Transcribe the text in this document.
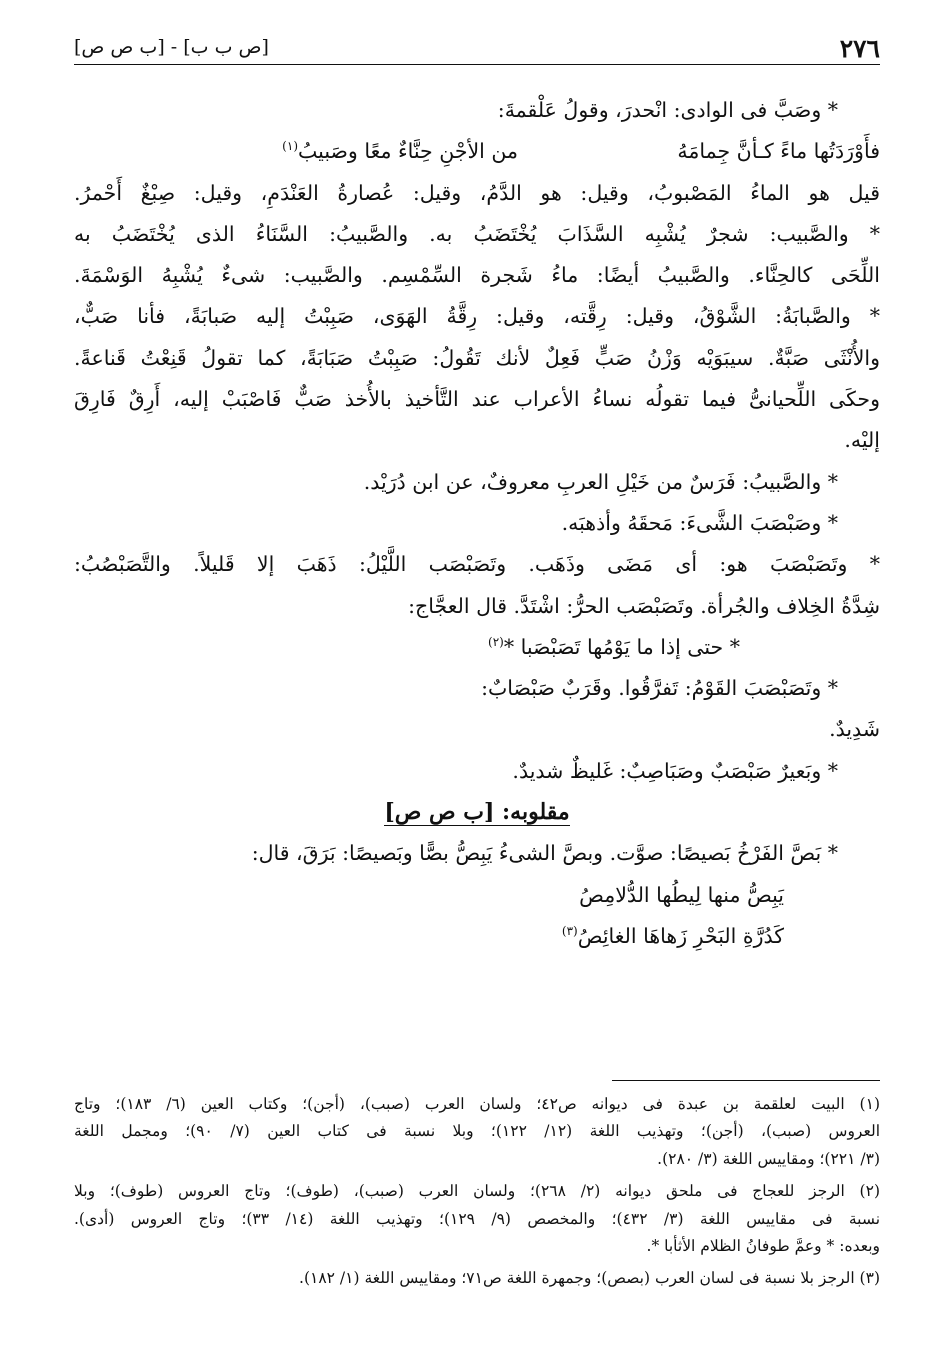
٢٧٦
[ص ب ب] - [ب ص ص]
* وصَبَّ فى الوادى: انْحدرَ، وقولُ عَلْقمةَ:
فأَوْرَدَتُها ماءً كـأنَّ جِمامَهُمن الأجْنِ حِنَّاءٌ معًا وصَبيبُ$^{(١)}$
قيل هو الماءُ المَصْبوبُ، وقيل: هو الدَّمُ، وقيل: عُصارةُ العَنْدَمِ، وقيل: صِبْغٌ أَحْمرُ.
* والصَّبيب: شجرٌ يُشْبِه السَّذَابَ يُخْتَضَبُ به. والصَّبيبُ: السَّنَاءُ الذى يُخْتَضَبُ به
اللِّحَى كالحِنَّاء. والصَّبيبُ أيضًا: ماءُ شَجرة السِّمْسِم. والصَّبيب: شىءٌ يُشْبِهُ الوَسْمَةَ.
* والصَّبابَةُ: الشَّوْقُ، وقيل: رِقَّته، وقيل: رِقَّةُ الهَوَى، صَبِبْتُ إليه صَبابَةً، فأنا صَبٌّ،
والأُنْثَى صَبَّةٌ. سيبَوَيْه وَزْنُ صَبٍّ فَعِلٌ لأنك تَقُولُ: صَبِبْتُ صَبَابَةً، كما تقولُ قَنِعْتُ قَناعةً.
وحكَى اللِّحيانىُّ فيما تقولُه نساءُ الأعراب عند التَّأخيذ بالأُخذ صَبٌّ فَاصْبَبْ إليه، أَرِقٌ فَارِقَ
إليْه.
* والصَّبيبُ: فَرَسٌ من خَيْلِ العربِ معروفٌ، عن ابن دُرَيْد.
* وصَبْصَبَ الشَّىءَ: مَحقَهُ وأذهبَه.
* وتَصَبْصَبَ هو: أى مَضَى وذَهَب. وتَصَبْصَب اللَّيْلُ: ذَهَبَ إلا قَليلاً. والتَّصَبْصُبُ:
شِدَّةُ الخِلاف والجُرأة. وتَصَبْصَب الحرُّ: اشْتَدَّ. قال العجَّاج:
* حتى إذا ما يَوْمُها تَصَبْصَبا *$^{(٢)}$
* وتَصَبْصَبَ القَوْمُ: تَفرَّقُوا. وقَرَبٌ صَبْصَابٌ:
شَدِيدٌ.
* وبَعيرٌ صَبْصَبٌ وصَبَاصِبٌ: غَليظٌ شديدٌ.
مقلوبه: [ب ص ص]
* بَصَّ الفَرْخُ بَصيصًا: صوَّت. وبصَّ الشىءُ يَبِصُّ بصًّا وبَصيصًا: بَرَقَ، قال:
يَبِصُّ منها لِيطُها الدُّلامِصُ
كَدُرَّةِ البَحْرِ زَهاهَا الغائِصُ$^{(٣)}$
(١) البيت لعلقمة بن عبدة فى ديوانه ص٤٢؛ ولسان العرب (صبب)، (أجن)؛ وكتاب العين (٦/ ١٨٣)؛ وتاج
العروس (صبب)، (أجن)؛ وتهذيب اللغة (١٢/ ١٢٢)؛ وبلا نسبة فى كتاب العين (٧/ ٩٠)؛ ومجمل اللغة
(٣/ ٢٢١)؛ ومقاييس اللغة (٣/ ٢٨٠).
(٢) الرجز للعجاج فى ملحق ديوانه (٢/ ٢٦٨)؛ ولسان العرب (صبب)، (طوف)؛ وتاج العروس (طوف)؛ وبلا
نسبة فى مقاييس اللغة (٣/ ٤٣٢)؛ والمخصص (٩/ ١٢٩)؛ وتهذيب اللغة (١٤/ ٣٣)؛ وتاج العروس (أدى).
وبعده: * وعمَّ طوفانُ الظلام الأثأبا *.
(٣) الرجز بلا نسبة فى لسان العرب (بصص)؛ وجمهرة اللغة ص٧١؛ ومقاييس اللغة (١/ ١٨٢).
